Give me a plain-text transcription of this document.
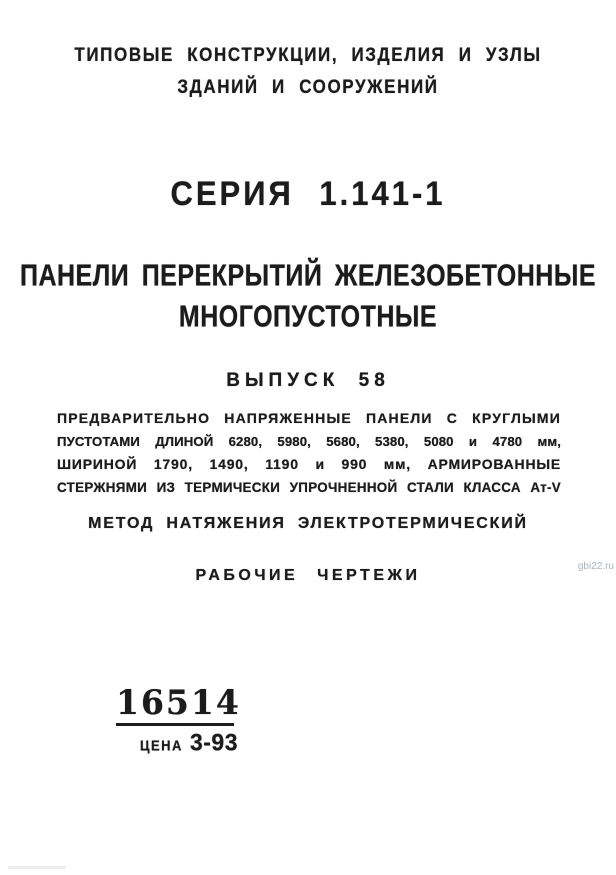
ТИПОВЫЕ КОНСТРУКЦИИ, ИЗДЕЛИЯ И УЗЛЫ
ЗДАНИЙ И СООРУЖЕНИЙ
СЕРИЯ 1.141-1
ПАНЕЛИ ПЕРЕКРЫТИЙ ЖЕЛЕЗОБЕТОННЫЕ
МНОГОПУСТОТНЫЕ
ВЫПУСК 58
ПРЕДВАРИТЕЛЬНО НАПРЯЖЕННЫЕ ПАНЕЛИ С КРУГЛЫМИ
ПУСТОТАМИ ДЛИНОЙ 6280, 5980, 5680, 5380, 5080 и 4780 мм,
ШИРИНОЙ 1790, 1490, 1190 и 990 мм, АРМИРОВАННЫЕ
СТЕРЖНЯМИ ИЗ ТЕРМИЧЕСКИ УПРОЧНЕННОЙ СТАЛИ КЛАССА Ат-V
МЕТОД НАТЯЖЕНИЯ ЭЛЕКТРОТЕРМИЧЕСКИЙ
РАБОЧИЕ ЧЕРТЕЖИ
gbi22.ru
16514
ЦЕНА 3-93
